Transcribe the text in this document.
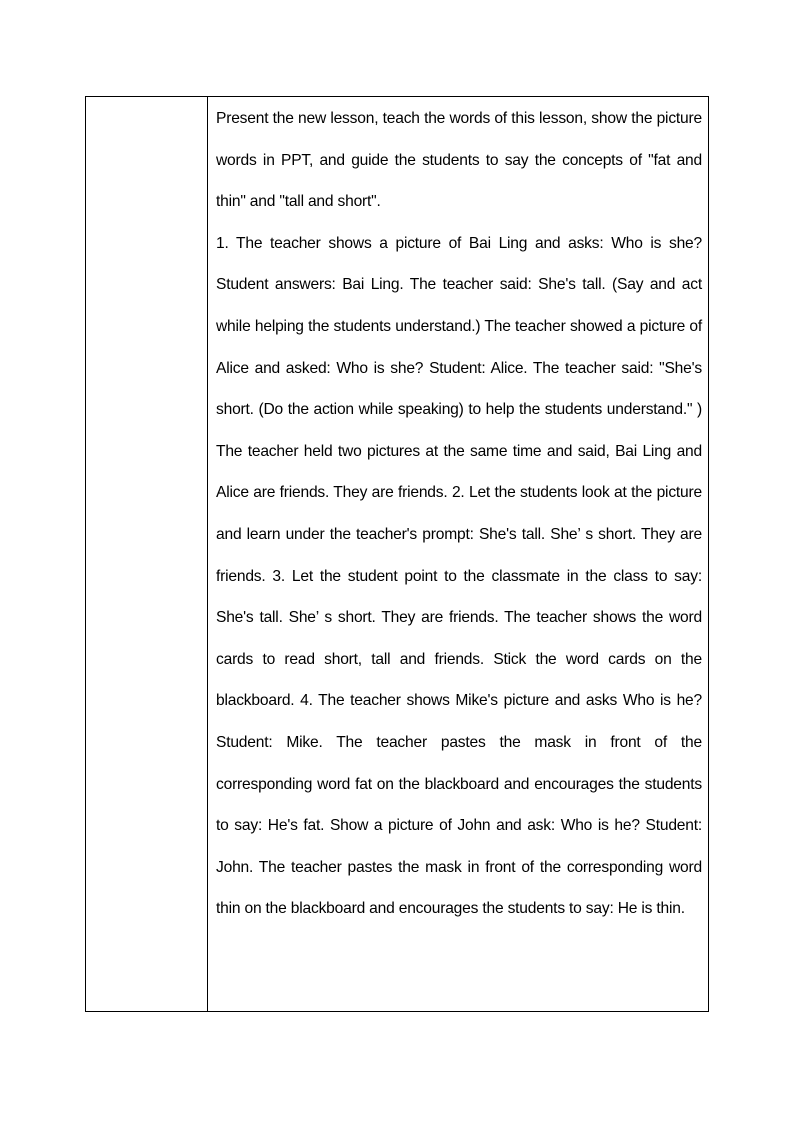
Present the new lesson, teach the words of this lesson, show the picture words in PPT, and guide the students to say the concepts of "fat and thin" and "tall and short".

1. The teacher shows a picture of Bai Ling and asks: Who is she? Student answers: Bai Ling. The teacher said: She's tall. (Say and act while helping the students understand.) The teacher showed a picture of Alice and asked: Who is she? Student: Alice. The teacher said: "She's short. (Do the action while speaking) to help the students understand." ) The teacher held two pictures at the same time and said, Bai Ling and Alice are friends. They are friends. 2. Let the students look at the picture and learn under the teacher's prompt: She's tall. She’ s short. They are friends. 3. Let the student point to the classmate in the class to say: She's tall. She’ s short. They are friends. The teacher shows the word cards to read short, tall and friends. Stick the word cards on the blackboard. 4. The teacher shows Mike's picture and asks Who is he? Student: Mike. The teacher pastes the mask in front of the corresponding word fat on the blackboard and encourages the students to say: He's fat. Show a picture of John and ask: Who is he? Student: John. The teacher pastes the mask in front of the corresponding word thin on the blackboard and encourages the students to say: He is thin.
